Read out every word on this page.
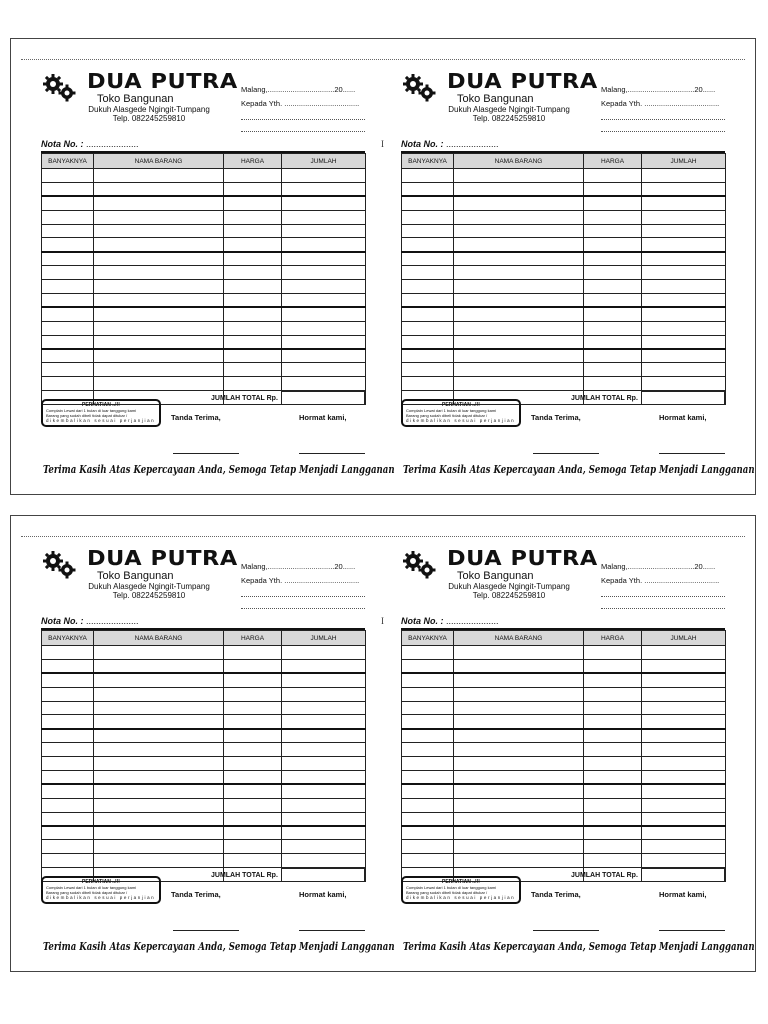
I
DUA PUTRA
Toko Bangunan
Dukuh Alasgede Ngingit-Tumpang
Telp. 082245259810
Malang,................................20......
Kepada Yth. ....................................
Nota No. : .....................
BANYAKNYA	NAMA BARANG	HARGA	JUMLAH

JUMLAH TOTAL Rp.
PERHATIAN ..!!!
Complain Lewat dari 1 bulan di luar tanggung kami
Barang yang sudah dibeli tidak dapat ditukar /
dikembalikan sesuai perjanjian	Tanda Terima,	Hormat kami,
Terima Kasih Atas Kepercayaan Anda, Semoga Tetap Menjadi Langganan
DUA PUTRA
Toko Bangunan
Dukuh Alasgede Ngingit-Tumpang
Telp. 082245259810
Malang,................................20......
Kepada Yth. ....................................
Nota No. : .....................
BANYAKNYA	NAMA BARANG	HARGA	JUMLAH

JUMLAH TOTAL Rp.
PERHATIAN ..!!!
Complain Lewat dari 1 bulan di luar tanggung kami
Barang yang sudah dibeli tidak dapat ditukar /
dikembalikan sesuai perjanjian	Tanda Terima,	Hormat kami,
Terima Kasih Atas Kepercayaan Anda, Semoga Tetap Menjadi Langganan
I
DUA PUTRA
Toko Bangunan
Dukuh Alasgede Ngingit-Tumpang
Telp. 082245259810
Malang,................................20......
Kepada Yth. ....................................
Nota No. : .....................
BANYAKNYA	NAMA BARANG	HARGA	JUMLAH

JUMLAH TOTAL Rp.
PERHATIAN ..!!!
Complain Lewat dari 1 bulan di luar tanggung kami
Barang yang sudah dibeli tidak dapat ditukar /
dikembalikan sesuai perjanjian	Tanda Terima,	Hormat kami,
Terima Kasih Atas Kepercayaan Anda, Semoga Tetap Menjadi Langganan
DUA PUTRA
Toko Bangunan
Dukuh Alasgede Ngingit-Tumpang
Telp. 082245259810
Malang,................................20......
Kepada Yth. ....................................
Nota No. : .....................
BANYAKNYA	NAMA BARANG	HARGA	JUMLAH

JUMLAH TOTAL Rp.
PERHATIAN ..!!!
Complain Lewat dari 1 bulan di luar tanggung kami
Barang yang sudah dibeli tidak dapat ditukar /
dikembalikan sesuai perjanjian	Tanda Terima,	Hormat kami,
Terima Kasih Atas Kepercayaan Anda, Semoga Tetap Menjadi Langganan
